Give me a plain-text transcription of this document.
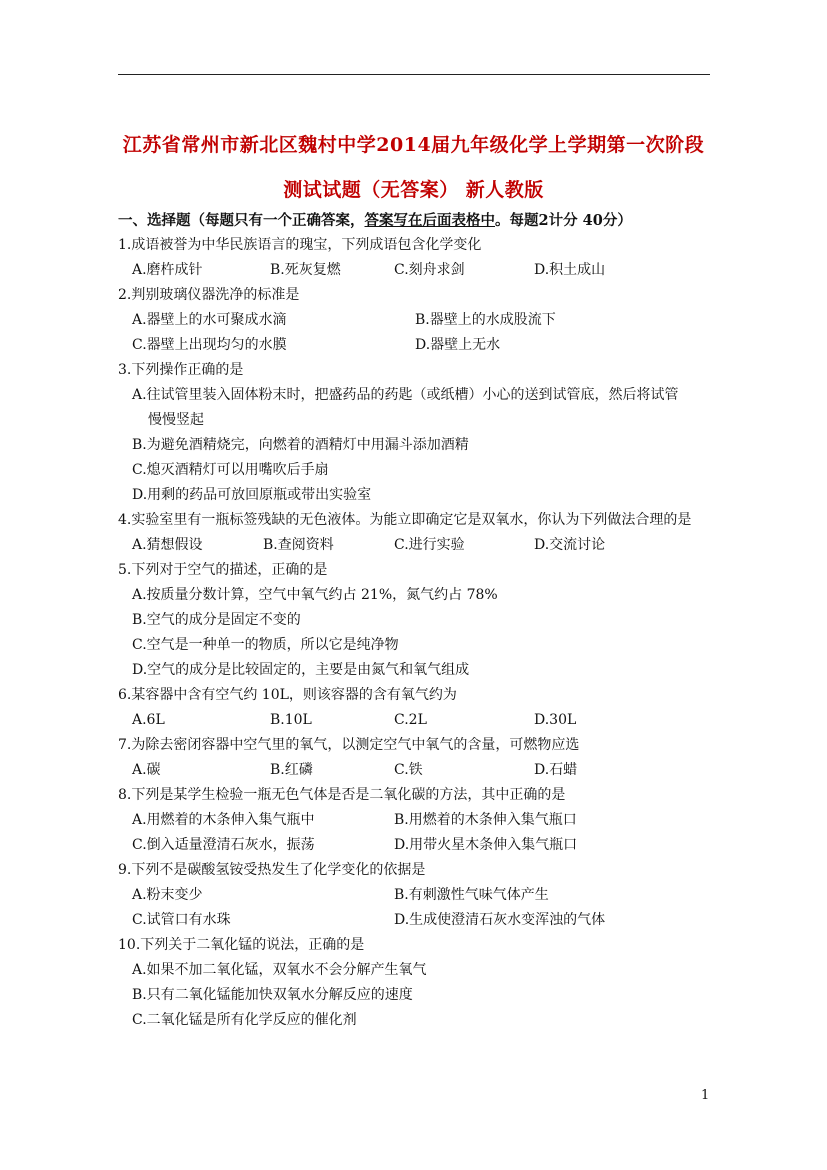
江苏省常州市新北区魏村中学2014届九年级化学上学期第一次阶段
测试试题（无答案） 新人教版
一、选择题（每题只有一个正确答案，答案写在后面表格中。每题2计分 40分）
1.成语被誉为中华民族语言的瑰宝，下列成语包含化学变化
A.磨杵成针	B.死灰复燃	C.刻舟求剑	D.积土成山
2.判别玻璃仪器洗净的标准是
A.器壁上的水可聚成水滴	B.器壁上的水成股流下
C.器壁上出现均匀的水膜	D.器壁上无水
3.下列操作正确的是
A.往试管里装入固体粉末时，把盛药品的药匙（或纸槽）小心的送到试管底，然后将试管
慢慢竖起
B.为避免酒精烧完，向燃着的酒精灯中用漏斗添加酒精
C.熄灭酒精灯可以用嘴吹后手扇
D.用剩的药品可放回原瓶或带出实验室
4.实验室里有一瓶标签残缺的无色液体。为能立即确定它是双氧水，你认为下列做法合理的是
A.猜想假设	B.查阅资料	C.进行实验	D.交流讨论
5.下列对于空气的描述，正确的是
A.按质量分数计算，空气中氧气约占 21%，氮气约占 78%
B.空气的成分是固定不变的
C.空气是一种单一的物质，所以它是纯净物
D.空气的成分是比较固定的，主要是由氮气和氧气组成
6.某容器中含有空气约 10L，则该容器的含有氧气约为
A.6L	B.10L	C.2L	D.30L
7.为除去密闭容器中空气里的氧气，以测定空气中氧气的含量，可燃物应选
A.碳	B.红磷	C.铁	D.石蜡
8.下列是某学生检验一瓶无色气体是否是二氧化碳的方法，其中正确的是
A.用燃着的木条伸入集气瓶中	B.用燃着的木条伸入集气瓶口
C.倒入适量澄清石灰水，振荡	D.用带火星木条伸入集气瓶口
9.下列不是碳酸氢铵受热发生了化学变化的依据是
A.粉末变少	B.有刺激性气味气体产生
C.试管口有水珠	D.生成使澄清石灰水变浑浊的气体
10.下列关于二氧化锰的说法，正确的是
A.如果不加二氧化锰，双氧水不会分解产生氧气
B.只有二氧化锰能加快双氧水分解反应的速度
C.二氧化锰是所有化学反应的催化剂
1
